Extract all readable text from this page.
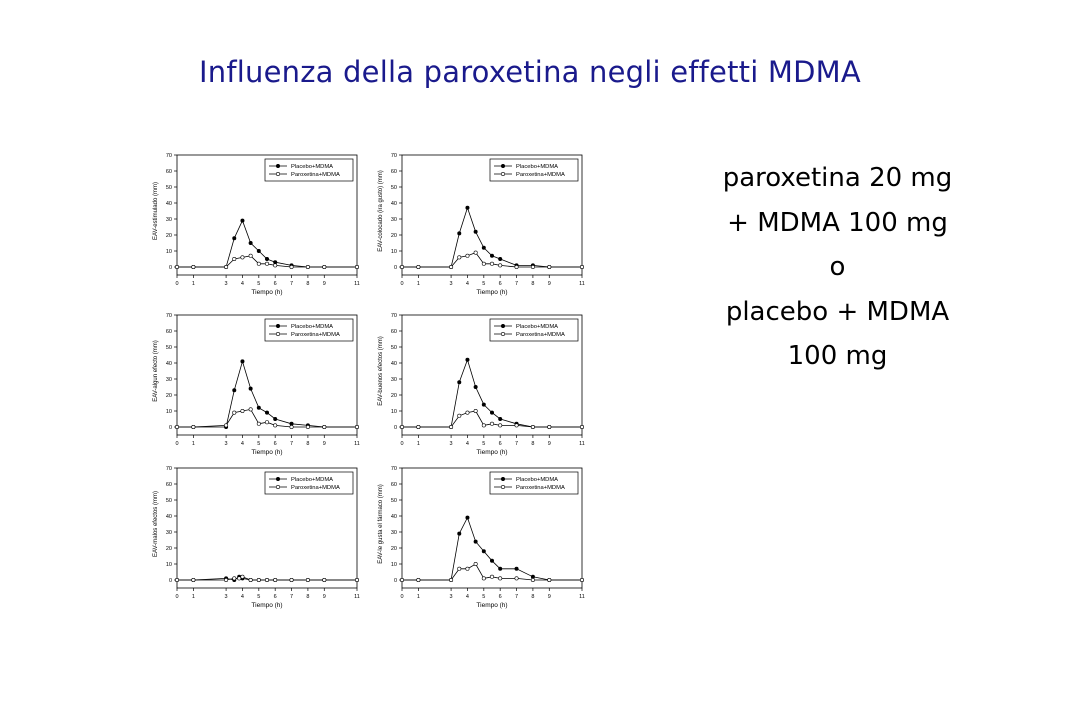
Influenza della paroxetina negli effetti MDMA
0
10
20
30
40
50
60
70
0 1	3 4 5 6 7 8 9	11
Tiempo (h)
EAV-estimulado (mm)
Placebo+MDMA
Paroxetina+MDMA
0
10
20
30
40
50
60
70
0 1	3 4 5 6 7 8 9	11
Tiempo (h)
EAV-colocado (ira gusto) (mm)
Placebo+MDMA
Paroxetina+MDMA
0
10
20
30
40
50
60
70
0 1	3 4 5 6 7 8 9	11
Tiempo (h)
EAV-algun efecto (mm)
Placebo+MDMA
Paroxetina+MDMA
0
10
20
30
40
50
60
70
0 1	3 4 5 6 7 8 9	11
Tiempo (h)
EAV-buenos efectos (mm)
Placebo+MDMA
Paroxetina+MDMA
0
10
20
30
40
50
60
70
0 1	3 4 5 6 7 8 9	11
Tiempo (h)
EAV-malos efectos (mm)
Placebo+MDMA
Paroxetina+MDMA
0
10
20
30
40
50
60
70
0 1	3 4 5 6 7 8 9	11
Tiempo (h)
EAV-le gusta el fármaco (mm)
Placebo+MDMA
Paroxetina+MDMA
paroxetina 20 mg
+ MDMA 100 mg
o
placebo + MDMA
100 mg
